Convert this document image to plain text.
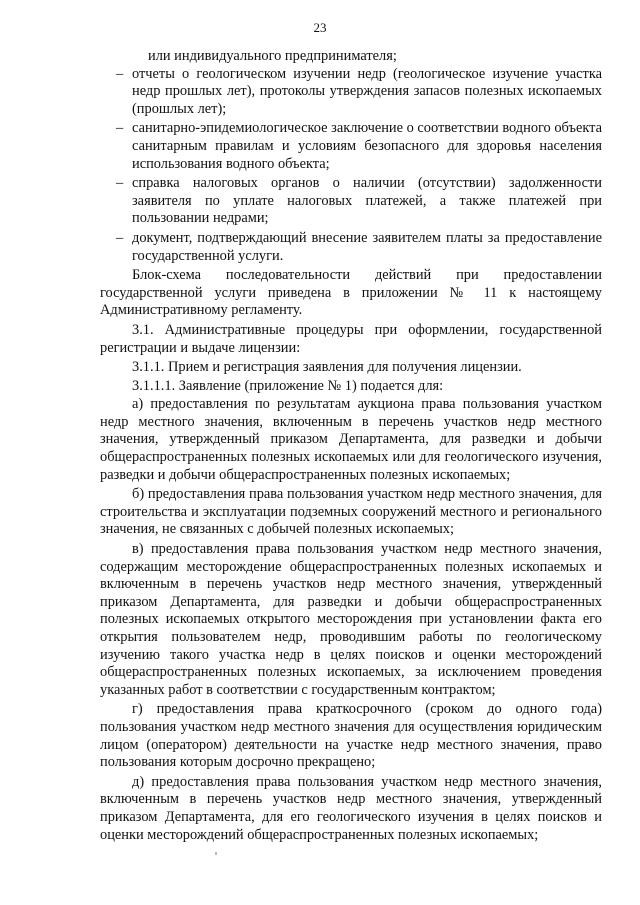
23
или индивидуального предпринимателя;
– отчеты о геологическом изучении недр (геологическое изучение участка недр прошлых лет), протоколы утверждения запасов полезных ископаемых (прошлых лет);
– санитарно-эпидемиологическое заключение о соответствии водного объекта санитарным правилам и условиям безопасного для здоровья населения использования водного объекта;
– справка налоговых органов о наличии (отсутствии) задолженности заявителя по уплате налоговых платежей, а также платежей при пользовании недрами;
– документ, подтверждающий внесение заявителем платы за предоставление государственной услуги.

Блок-схема последовательности действий при предоставлении государственной услуги приведена в приложении № 11 к настоящему Административному регламенту.

3.1. Административные процедуры при оформлении, государственной регистрации и выдаче лицензии:

3.1.1. Прием и регистрация заявления для получения лицензии.

3.1.1.1. Заявление (приложение № 1) подается для:

а) предоставления по результатам аукциона права пользования участком недр местного значения, включенным в перечень участков недр местного значения, утвержденный приказом Департамента, для разведки и добычи общераспространенных полезных ископаемых или для геологического изучения, разведки и добычи общераспространенных полезных ископаемых;

б) предоставления права пользования участком недр местного значения, для строительства и эксплуатации подземных сооружений местного и регионального значения, не связанных с добычей полезных ископаемых;

в) предоставления права пользования участком недр местного значения, содержащим месторождение общераспространенных полезных ископаемых и включенным в перечень участков недр местного значения, утвержденный приказом Департамента, для разведки и добычи общераспространенных полезных ископаемых открытого месторождения при установлении факта его открытия пользователем недр, проводившим работы по геологическому изучению такого участка недр в целях поисков и оценки месторождений общераспространенных полезных ископаемых, за исключением проведения указанных работ в соответствии с государственным контрактом;

г) предоставления права краткосрочного (сроком до одного года) пользования участком недр местного значения для осуществления юридическим лицом (оператором) деятельности на участке недр местного значения, право пользования которым досрочно прекращено;

д) предоставления права пользования участком недр местного значения, включенным в перечень участков недр местного значения, утвержденный приказом Департамента, для его геологического изучения в целях поисков и оценки месторождений общераспространенных полезных ископаемых;
